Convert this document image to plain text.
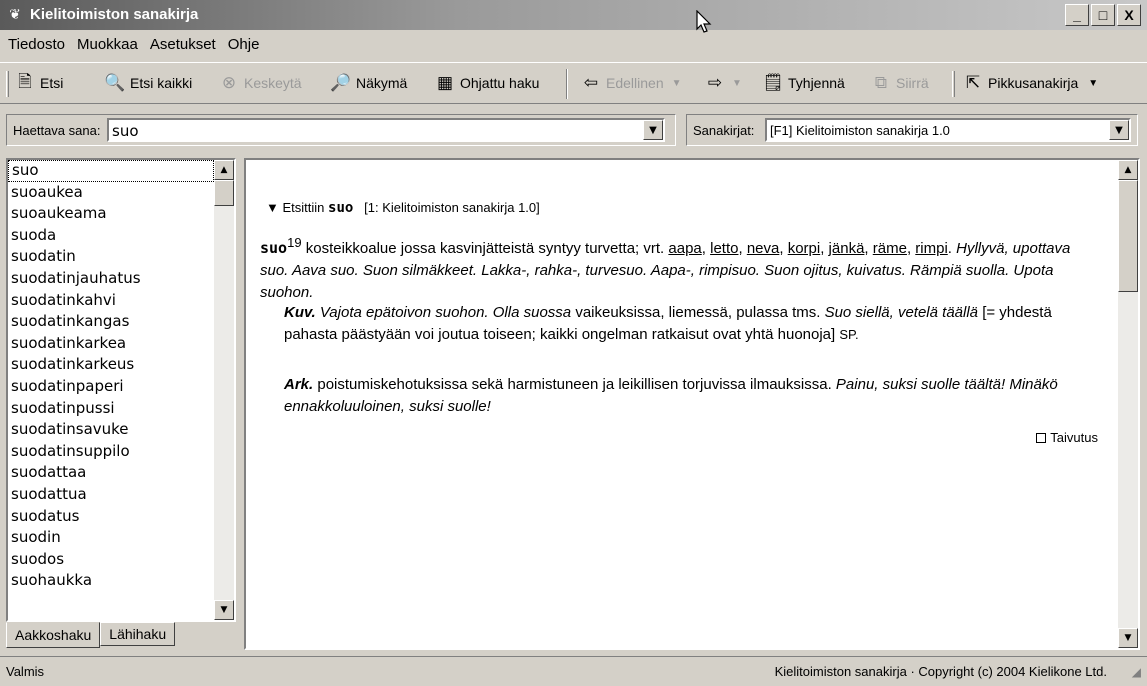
❦ Kielitoimiston sanakirja	_	□	X
Tiedosto Muokkaa Asetukset Ohje
🗎 Etsi 🔍 Etsi kaikki ⊗ Keskeytä 🔎 Näkymä ▦ Ohjattu haku	⇦ Edellinen ▼ ⇨ ▼ 🗒 Tyhjennä ⧉ Siirrä ⇱ Pikkusanakirja ▼
Haettava sana: suo	▼	Sanakirjat: [F1] Kielitoimiston sanakirja 1.0	▼
suo
suoaukea
suoaukeama
suoda
suodatin
suodatinjauhatus
suodatinkahvi
suodatinkangas
suodatinkarkea
suodatinkarkeus
suodatinpaperi
suodatinpussi
suodatinsavuke
suodatinsuppilo
suodattaa
suodattua
suodatus
suodin
suodos
suohaukka
▲
▼
Aakkoshaku	Lähihaku
▼ Etsittiin suo [1: Kielitoimiston sanakirja 1.0]
suo$^{19}$ kosteikkoalue jossa kasvinjätteistä syntyy turvetta; vrt. aapa, letto, neva, korpi, jänkä, räme, rimpi. Hyllyvä, upottava suo. Aava suo. Suon silmäkkeet. Lakka-, rahka-, turvesuo. Aapa-, rimpisuo. Suon ojitus, kuivatus. Rämpiä suolla. Upota suohon.
Kuv. Vajota epätoivon suohon. Olla suossa vaikeuksissa, liemessä, pulassa tms. Suo siellä, vetelä täällä [= yhdestä pahasta päästyään voi joutua toiseen; kaikki ongelman ratkaisut ovat yhtä huonoja] SP.
Ark. poistumiskehotuksissa sekä harmistuneen ja leikillisen torjuvissa ilmauksissa. Painu, suksi suolle täältä! Minäkö ennakkoluuloinen, suksi suolle!
Taivutus
▲
▼
Valmis	Kielitoimiston sanakirja · Copyright (c) 2004 Kielikone Ltd. ◢
